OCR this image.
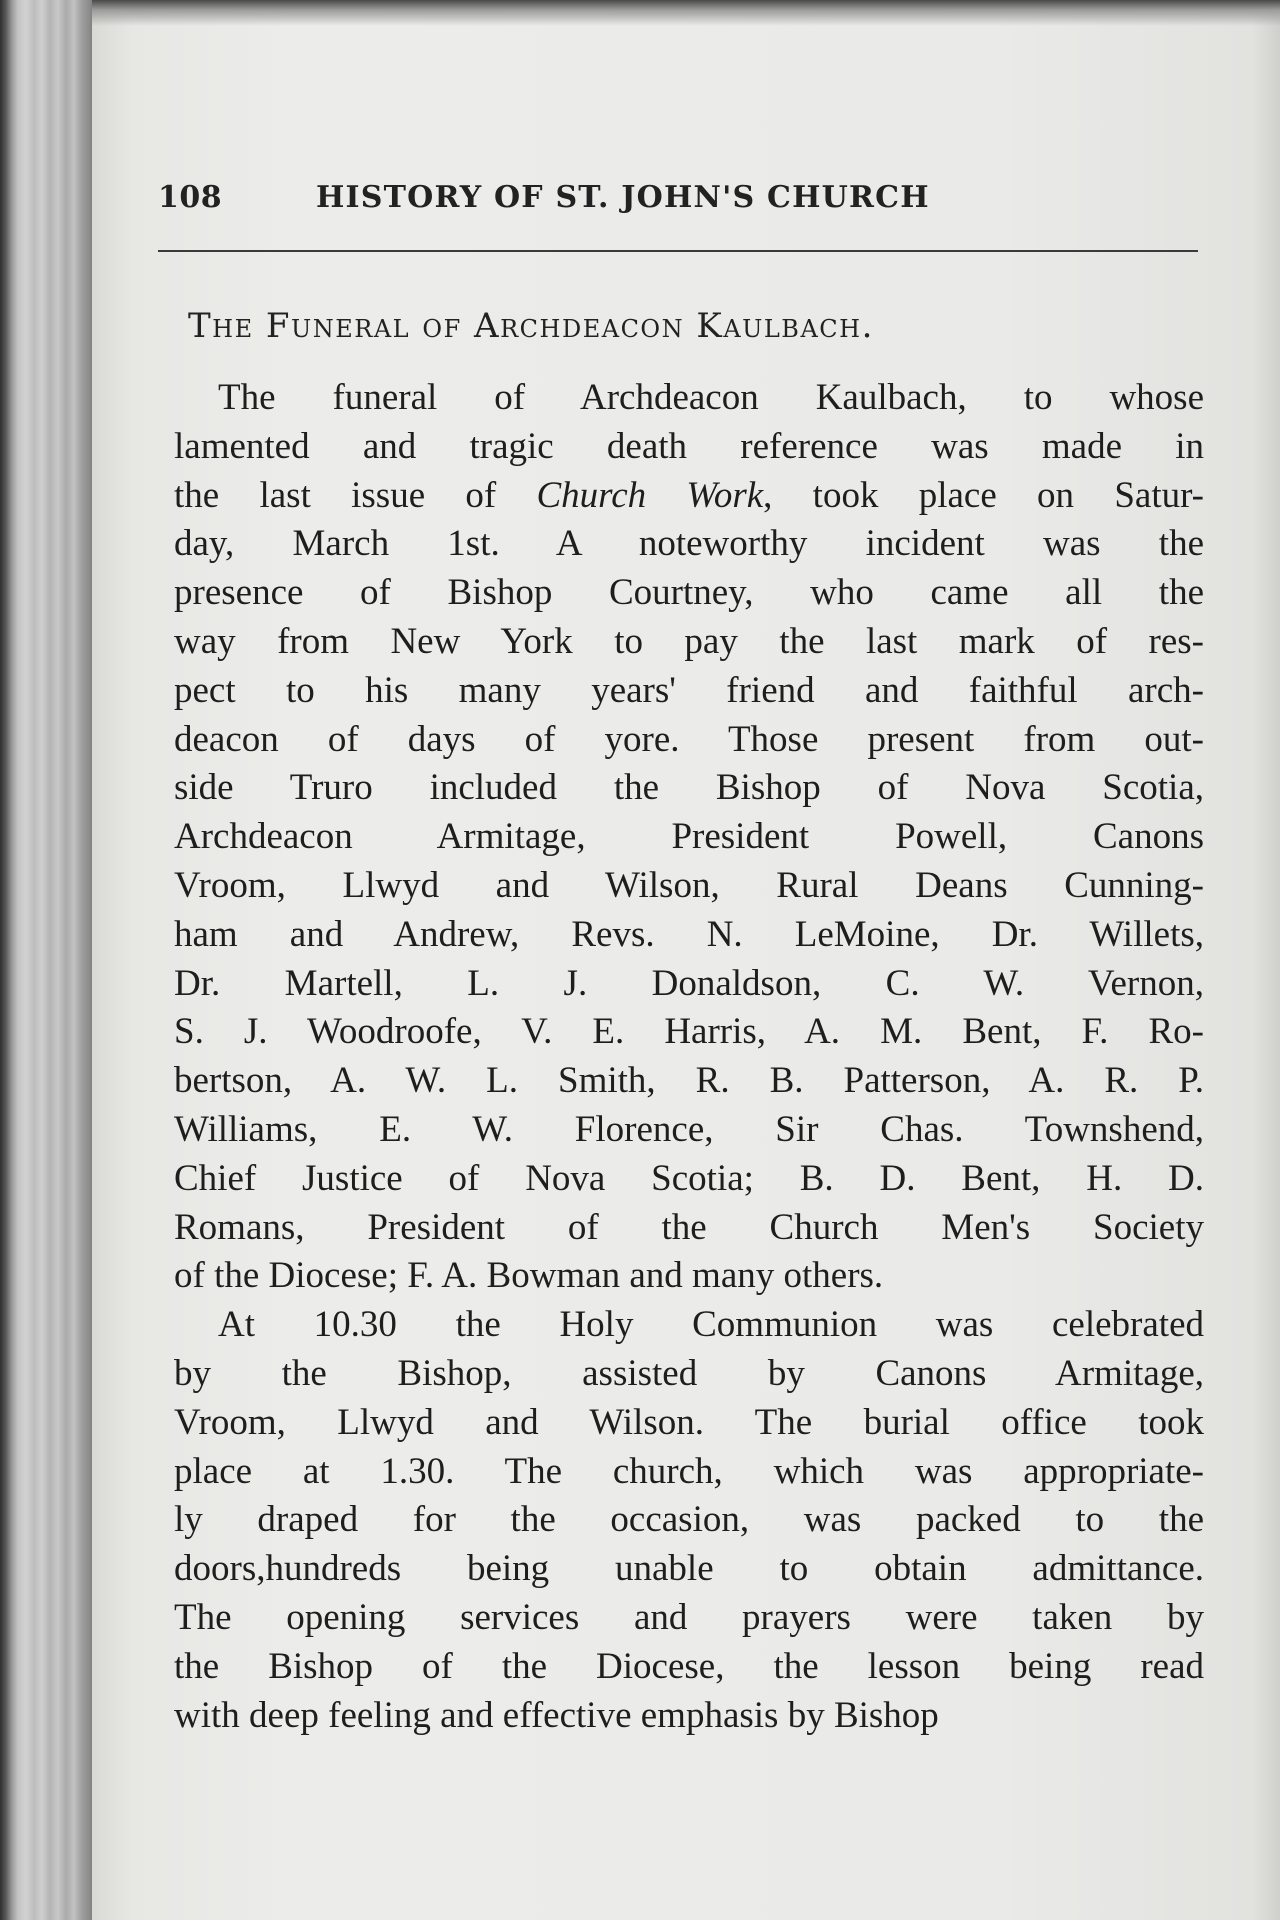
108	HISTORY OF ST. JOHN'S CHURCH
The Funeral of Archdeacon Kaulbach.
The funeral of Archdeacon Kaulbach, to whose
lamented and tragic death reference was made in
the last issue of Church Work, took place on Satur-
day, March 1st. A noteworthy incident was the
presence of Bishop Courtney, who came all the
way from New York to pay the last mark of res-
pect to his many years' friend and faithful arch-
deacon of days of yore. Those present from out-
side Truro included the Bishop of Nova Scotia,
Archdeacon Armitage, President Powell, Canons
Vroom, Llwyd and Wilson, Rural Deans Cunning-
ham and Andrew, Revs. N. LeMoine, Dr. Willets,
Dr. Martell, L. J. Donaldson, C. W. Vernon,
S. J. Woodroofe, V. E. Harris, A. M. Bent, F. Ro-
bertson, A. W. L. Smith, R. B. Patterson, A. R. P.
Williams, E. W. Florence, Sir Chas. Townshend,
Chief Justice of Nova Scotia; B. D. Bent, H. D.
Romans, President of the Church Men's Society
of the Diocese; F. A. Bowman and many others.
At 10.30 the Holy Communion was celebrated
by the Bishop, assisted by Canons Armitage,
Vroom, Llwyd and Wilson. The burial office took
place at 1.30. The church, which was appropriate-
ly draped for the occasion, was packed to the
doors,hundreds being unable to obtain admittance.
The opening services and prayers were taken by
the Bishop of the Diocese, the lesson being read
with deep feeling and effective emphasis by Bishop
